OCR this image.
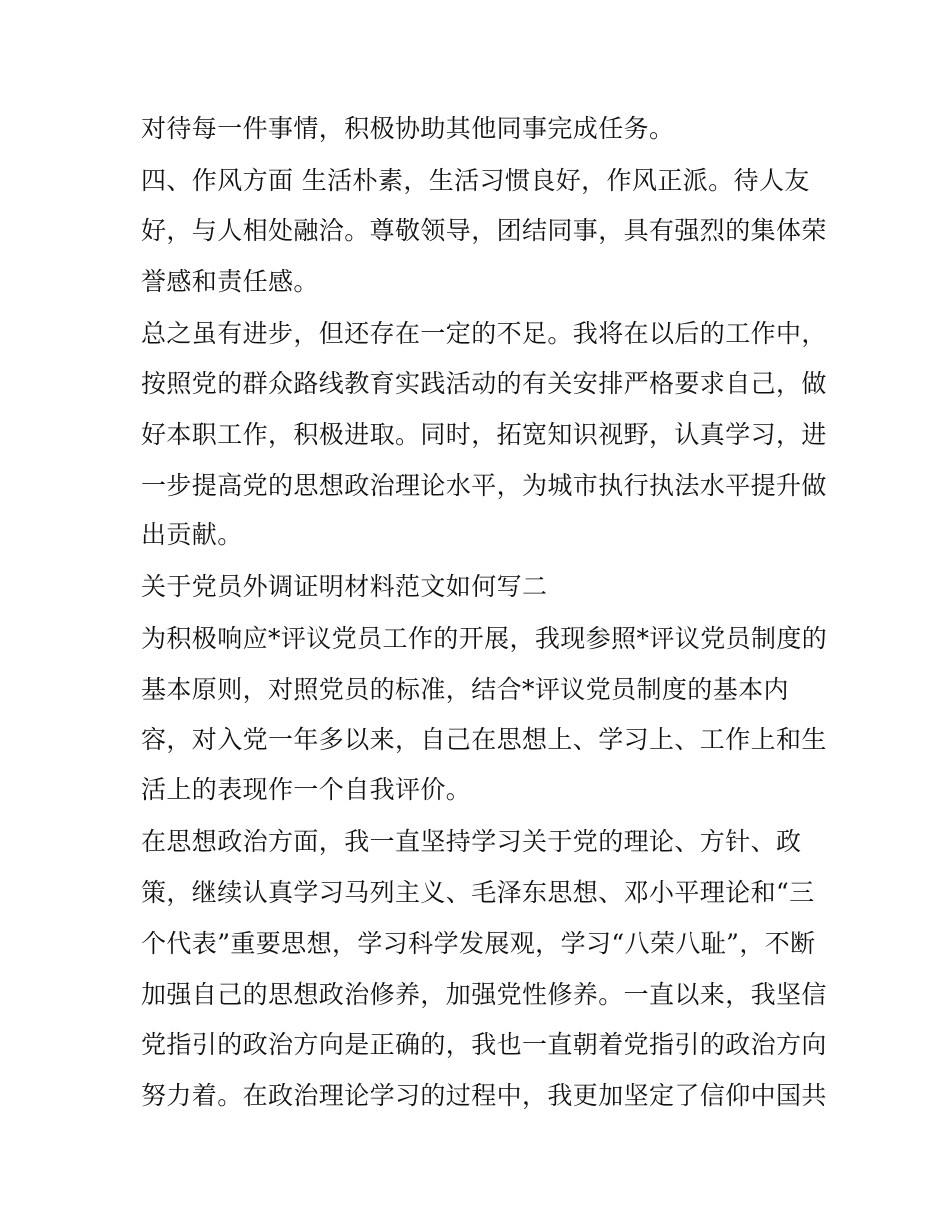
对待每一件事情，积极协助其他同事完成任务。
四、作风方面 生活朴素，生活习惯良好，作风正派。待人友
好，与人相处融洽。尊敬领导，团结同事，具有强烈的集体荣
誉感和责任感。
总之虽有进步，但还存在一定的不足。我将在以后的工作中，
按照党的群众路线教育实践活动的有关安排严格要求自己，做
好本职工作，积极进取。同时，拓宽知识视野，认真学习，进
一步提高党的思想政治理论水平，为城市执行执法水平提升做
出贡献。
关于党员外调证明材料范文如何写二
为积极响应*评议党员工作的开展，我现参照*评议党员制度的
基本原则，对照党员的标准，结合*评议党员制度的基本内
容，对入党一年多以来，自己在思想上、学习上、工作上和生
活上的表现作一个自我评价。
在思想政治方面，我一直坚持学习关于党的理论、方针、政
策，继续认真学习马列主义、毛泽东思想、邓小平理论和“三
个代表”重要思想，学习科学发展观，学习“八荣八耻”，不断
加强自己的思想政治修养，加强党性修养。一直以来，我坚信
党指引的政治方向是正确的，我也一直朝着党指引的政治方向
努力着。在政治理论学习的过程中，我更加坚定了信仰中国共
